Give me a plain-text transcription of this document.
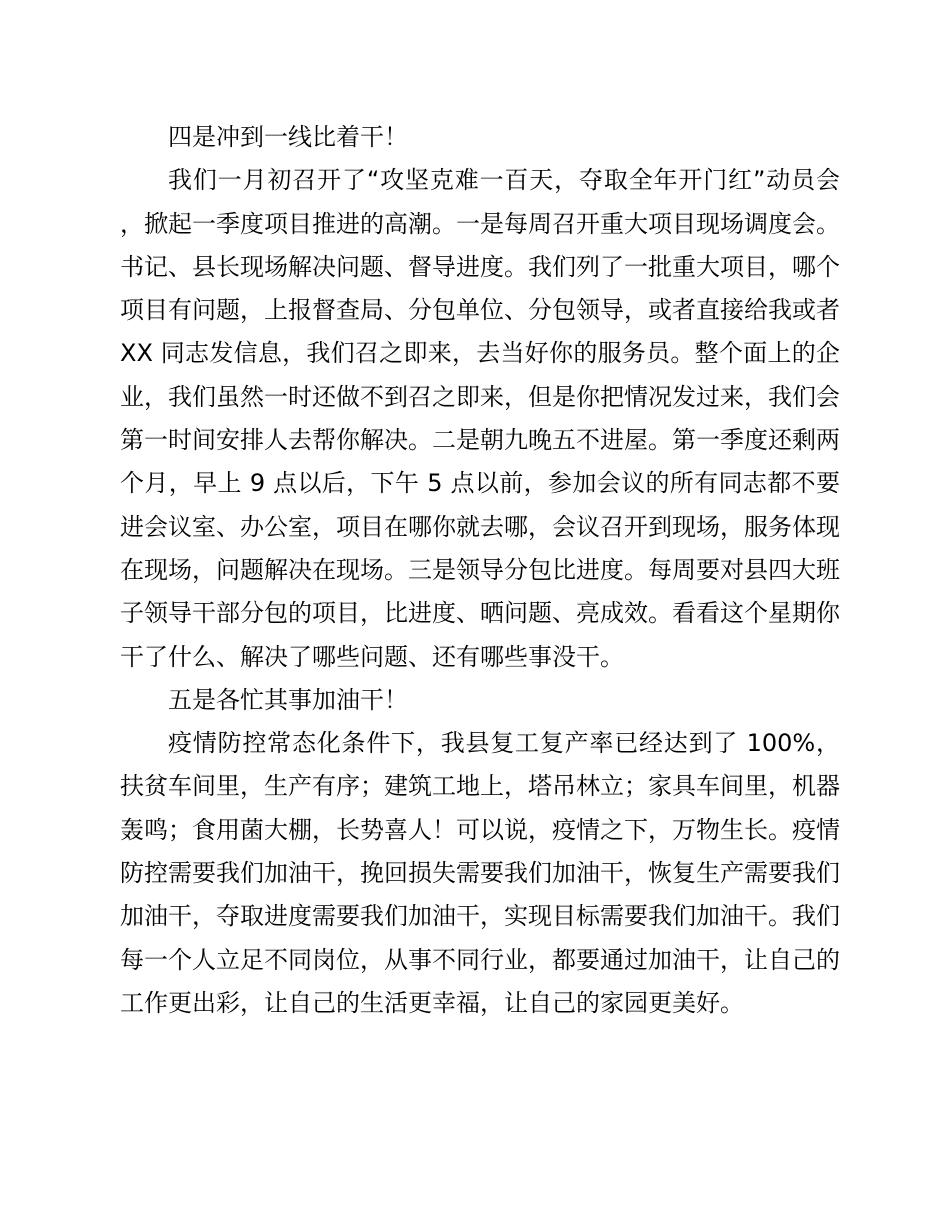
四是冲到一线比着干！

我们一月初召开了“攻坚克难一百天，夺取全年开门红”动员会，掀起一季度项目推进的高潮。一是每周召开重大项目现场调度会。书记、县长现场解决问题、督导进度。我们列了一批重大项目，哪个项目有问题，上报督查局、分包单位、分包领导，或者直接给我或者 XX 同志发信息，我们召之即来，去当好你的服务员。整个面上的企业，我们虽然一时还做不到召之即来，但是你把情况发过来，我们会第一时间安排人去帮你解决。二是朝九晚五不进屋。第一季度还剩两个月，早上 9 点以后，下午 5 点以前，参加会议的所有同志都不要进会议室、办公室，项目在哪你就去哪，会议召开到现场，服务体现在现场，问题解决在现场。三是领导分包比进度。每周要对县四大班子领导干部分包的项目，比进度、晒问题、亮成效。看看这个星期你干了什么、解决了哪些问题、还有哪些事没干。

五是各忙其事加油干！

疫情防控常态化条件下，我县复工复产率已经达到了 100%，扶贫车间里，生产有序；建筑工地上，塔吊林立；家具车间里，机器轰鸣；食用菌大棚，长势喜人！可以说，疫情之下，万物生长。疫情防控需要我们加油干，挽回损失需要我们加油干，恢复生产需要我们加油干，夺取进度需要我们加油干，实现目标需要我们加油干。我们每一个人立足不同岗位，从事不同行业，都要通过加油干，让自己的工作更出彩，让自己的生活更幸福，让自己的家园更美好。
